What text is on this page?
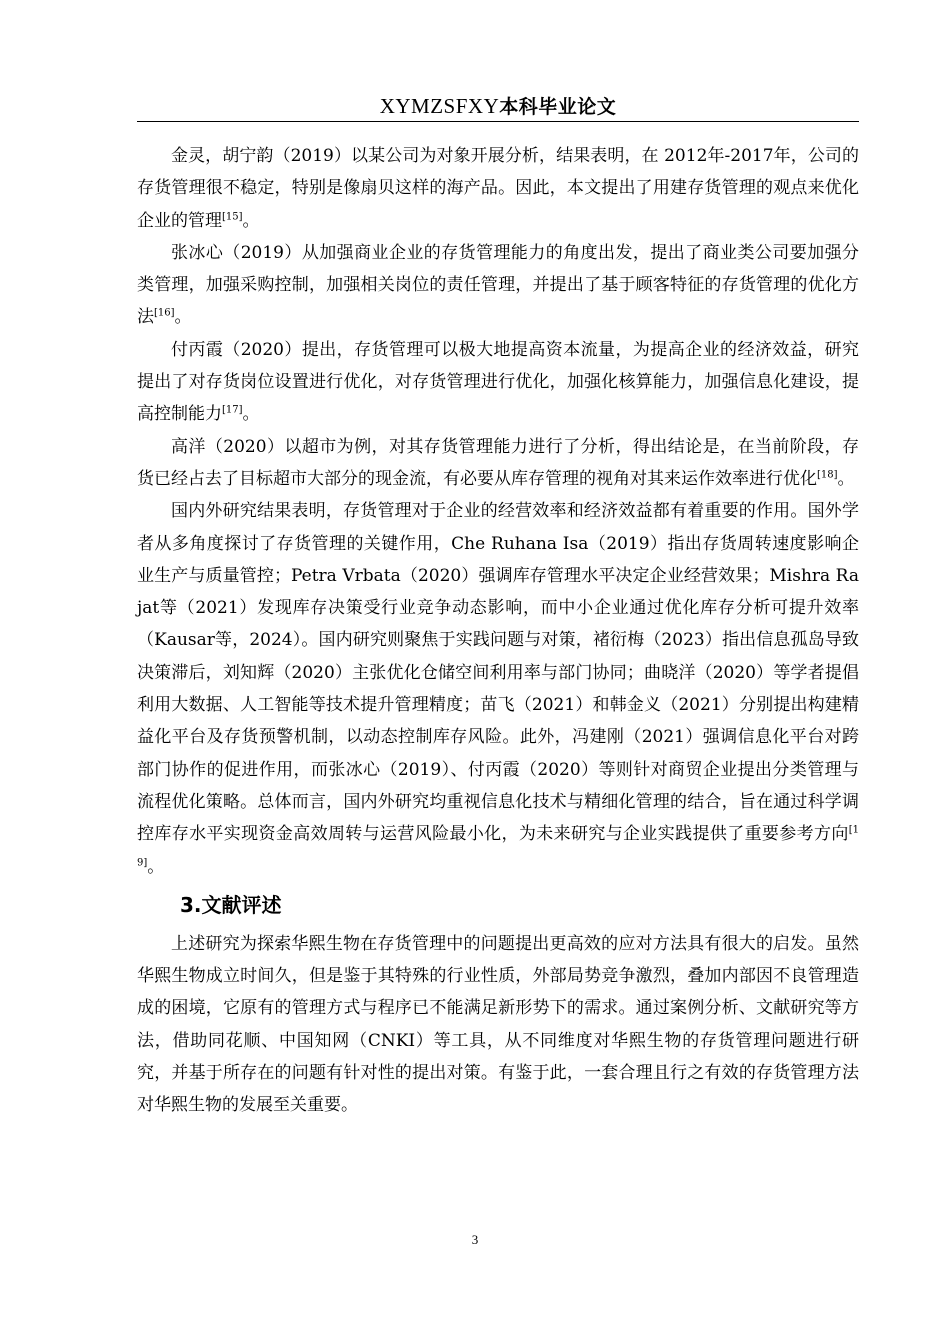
XYMZSFXY本科毕业论文

金灵，胡宁韵（2019）以某公司为对象开展分析，结果表明，在 2012年-2017年，公司的存货管理很不稳定，特别是像扇贝这样的海产品。因此，本文提出了用建存货管理的观点来优化企业的管理[15]。

张冰心（2019）从加强商业企业的存货管理能力的角度出发，提出了商业类公司要加强分类管理，加强采购控制，加强相关岗位的责任管理，并提出了基于顾客特征的存货管理的优化方法[16]。

付丙霞（2020）提出，存货管理可以极大地提高资本流量，为提高企业的经济效益，研究提出了对存货岗位设置进行优化，对存货管理进行优化，加强化核算能力，加强信息化建设，提高控制能力[17]。

高洋（2020）以超市为例，对其存货管理能力进行了分析，得出结论是，在当前阶段，存货已经占去了目标超市大部分的现金流，有必要从库存管理的视角对其来运作效率进行优化[18]。

国内外研究结果表明，存货管理对于企业的经营效率和经济效益都有着重要的作用。国外学者从多角度探讨了存货管理的关键作用，Che Ruhana Isa（2019）指出存货周转速度影响企业生产与质量管控；Petra Vrbata（2020）强调库存管理水平决定企业经营效果；Mishra Rajat等（2021）发现库存决策受行业竞争动态影响，而中小企业通过优化库存分析可提升效率（Kausar等，2024）。国内研究则聚焦于实践问题与对策，褚衍梅（2023）指出信息孤岛导致决策滞后，刘知辉（2020）主张优化仓储空间利用率与部门协同；曲晓洋（2020）等学者提倡利用大数据、人工智能等技术提升管理精度；苗飞（2021）和韩金义（2021）分别提出构建精益化平台及存货预警机制，以动态控制库存风险。此外，冯建刚（2021）强调信息化平台对跨部门协作的促进作用，而张冰心（2019）、付丙霞（2020）等则针对商贸企业提出分类管理与流程优化策略。总体而言，国内外研究均重视信息化技术与精细化管理的结合，旨在通过科学调控库存水平实现资金高效周转与运营风险最小化，为未来研究与企业实践提供了重要参考方向[19]。

3.文献评述

上述研究为探索华熙生物在存货管理中的问题提出更高效的应对方法具有很大的启发。虽然华熙生物成立时间久，但是鉴于其特殊的行业性质，外部局势竞争激烈，叠加内部因不良管理造成的困境，它原有的管理方式与程序已不能满足新形势下的需求。通过案例分析、文献研究等方法，借助同花顺、中国知网（CNKI）等工具，从不同维度对华熙生物的存货管理问题进行研究，并基于所存在的问题有针对性的提出对策。有鉴于此，一套合理且行之有效的存货管理方法对华熙生物的发展至关重要。

3
